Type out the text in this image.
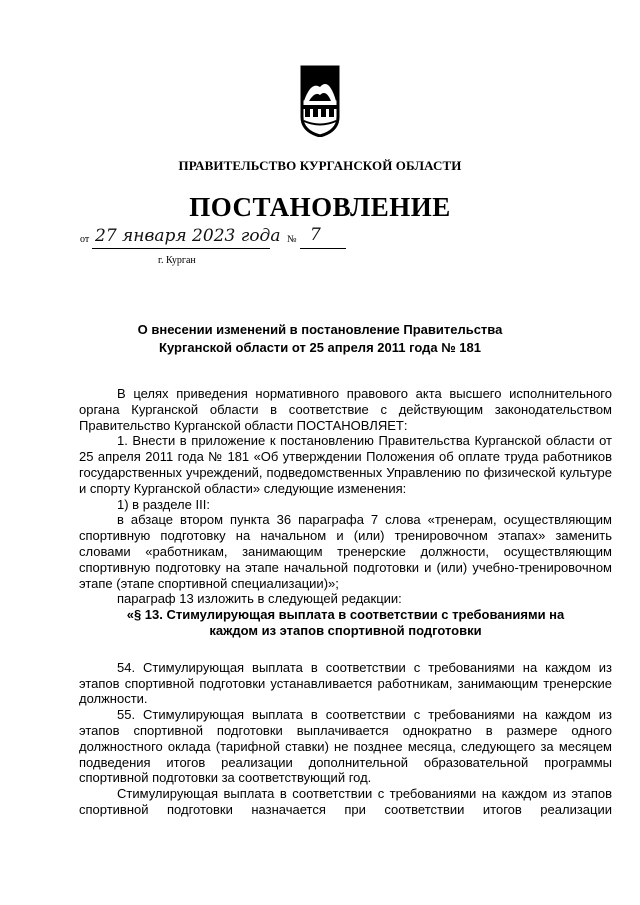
ПРАВИТЕЛЬСТВО КУРГАНСКОЙ ОБЛАСТИ
ПОСТАНОВЛЕНИЕ
от 27 января 2023 года № 7
г. Курган
О внесении изменений в постановление Правительства
Курганской области от 25 апреля 2011 года № 181

В целях приведения нормативного правового акта высшего исполнительного органа Курганской области в соответствие с действующим законодательством Правительство Курганской области ПОСТАНОВЛЯЕТ:

1. Внести в приложение к постановлению Правительства Курганской области от 25 апреля 2011 года № 181 «Об утверждении Положения об оплате труда работников государственных учреждений, подведомственных Управлению по физической культуре и спорту Курганской области» следующие изменения:

1) в разделе III:

в абзаце втором пункта 36 параграфа 7 слова «тренерам, осуществляющим спортивную подготовку на начальном и (или) тренировочном этапах» заменить словами «работникам, занимающим тренерские должности, осуществляющим спортивную подготовку на этапе начальной подготовки и (или) учебно-тренировочном этапе (этапе спортивной специализации)»;

параграф 13 изложить в следующей редакции:

«§ 13. Стимулирующая выплата в соответствии с требованиями на

каждом из этапов спортивной подготовки

54. Стимулирующая выплата в соответствии с требованиями на каждом из этапов спортивной подготовки устанавливается работникам, занимающим тренерские должности.

55. Стимулирующая выплата в соответствии с требованиями на каждом из этапов спортивной подготовки выплачивается однократно в размере одного должностного оклада (тарифной ставки) не позднее месяца, следующего за месяцем подведения итогов реализации дополнительной образовательной программы спортивной подготовки за соответствующий год.

Стимулирующая выплата в соответствии с требованиями на каждом из этапов спортивной подготовки назначается при соответствии итогов реализации
